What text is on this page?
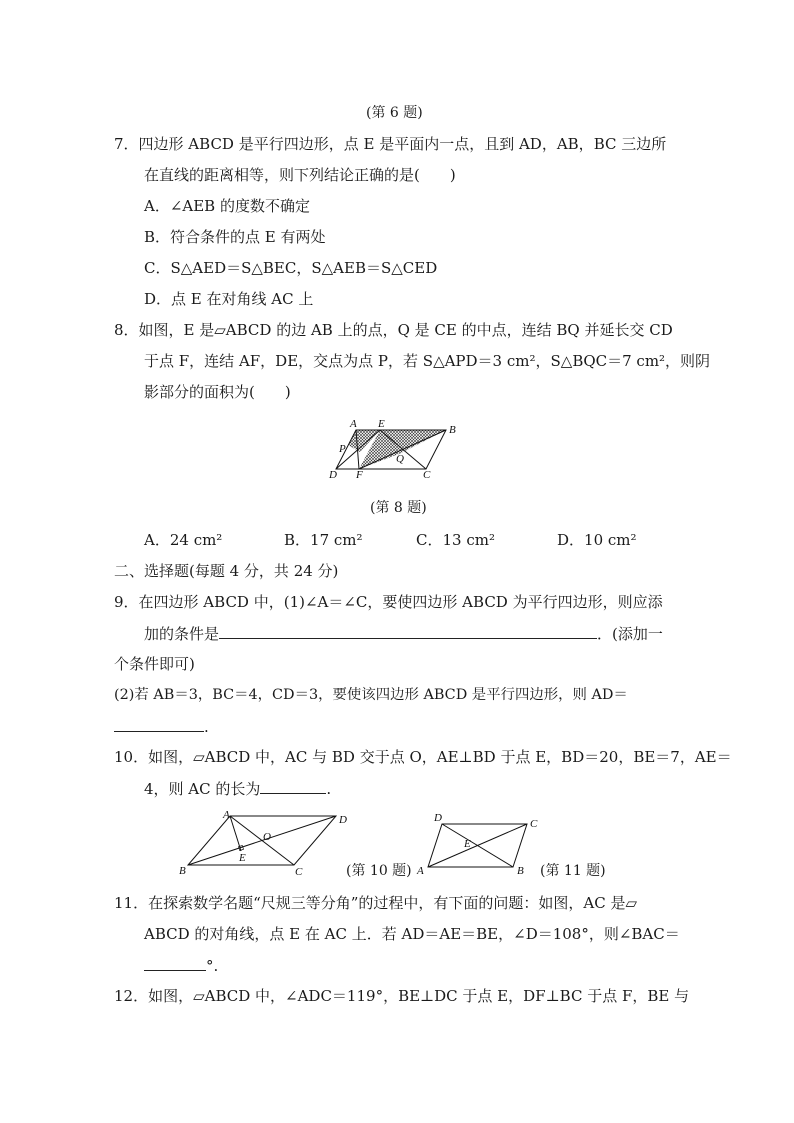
(第 6 题)
7．四边形 ABCD 是平行四边形，点 E 是平面内一点，且到 AD，AB，BC 三边所
在直线的距离相等，则下列结论正确的是(　　)
A．∠AEB 的度数不确定
B．符合条件的点 E 有两处
C．S△AED＝S△BEC，S△AEB＝S△CED
D．点 E 在对角线 AC 上
8．如图，E 是▱ABCD 的边 AB 上的点，Q 是 CE 的中点，连结 BQ 并延长交 CD
于点 F，连结 AF，DE，交点为点 P，若 S△APD＝3 cm²，S△BQC＝7 cm²，则阴
影部分的面积为(　　)
A E	B
P
Q
D F	C
(第 8 题)
A．24 cm²	B．17 cm²	C．13 cm²	D．10 cm²
二、选择题(每题 4 分，共 24 分)
9．在四边形 ABCD 中，(1)∠A＝∠C，要使四边形 ABCD 为平行四边形，则应添
加的条件是	．(添加一
个条件即可)
(2)若 AB＝3，BC＝4，CD＝3，要使该四边形 ABCD 是平行四边形，则 AD＝
.
10．如图，▱ABCD 中，AC 与 BD 交于点 O，AE⊥BD 于点 E，BD＝20，BE＝7，AE＝
4，则 AC 的长为	.
A	D
O
E
B	C	(第 10 题)
D	C
E
A	B (第 11 题)
11．在探索数学名题“尺规三等分角”的过程中，有下面的问题：如图，AC 是▱
ABCD 的对角线，点 E 在 AC 上．若 AD＝AE＝BE，∠D＝108°，则∠BAC＝
°.
12．如图，▱ABCD 中，∠ADC＝119°，BE⊥DC 于点 E，DF⊥BC 于点 F，BE 与
